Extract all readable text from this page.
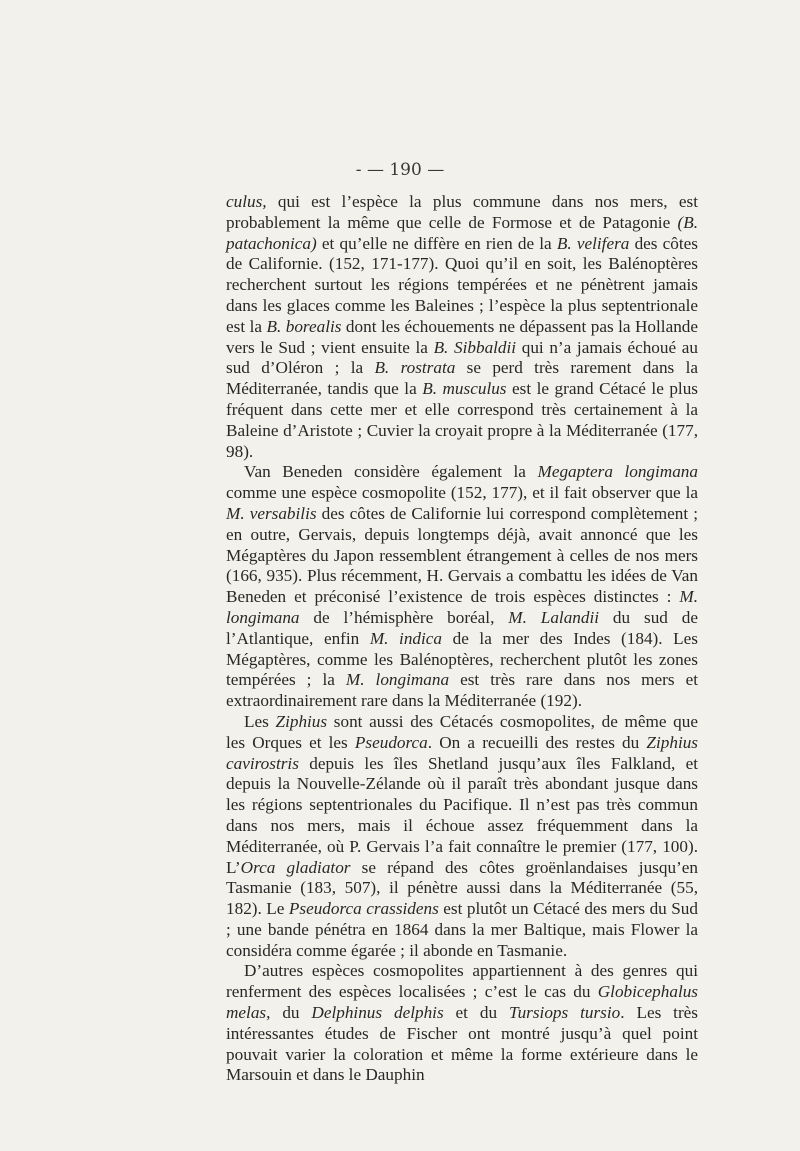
- — 190 —

culus, qui est l’espèce la plus commune dans nos mers, est probablement la même que celle de Formose et de Patagonie (B. patachonica) et qu’elle ne diffère en rien de la B. velifera des côtes de Californie. (152, 171-177). Quoi qu’il en soit, les Balénoptères recherchent surtout les régions tempérées et ne pénètrent jamais dans les glaces comme les Baleines ; l’espèce la plus septentrionale est la B. borealis dont les échouements ne dépassent pas la Hollande vers le Sud ; vient ensuite la B. Sibbaldii qui n’a jamais échoué au sud d’Oléron ; la B. rostrata se perd très rarement dans la Méditerranée, tandis que la B. musculus est le grand Cétacé le plus fréquent dans cette mer et elle correspond très certainement à la Baleine d’Aristote ; Cuvier la croyait propre à la Méditerranée (177, 98).

Van Beneden considère également la Megaptera longimana comme une espèce cosmopolite (152, 177), et il fait observer que la M. versabilis des côtes de Californie lui correspond complètement ; en outre, Gervais, depuis longtemps déjà, avait annoncé que les Mégaptères du Japon ressemblent étrangement à celles de nos mers (166, 935). Plus récemment, H. Gervais a combattu les idées de Van Beneden et préconisé l’existence de trois espèces distinctes : M. longimana de l’hémisphère boréal, M. Lalandii du sud de l’Atlantique, enfin M. indica de la mer des Indes (184). Les Mégaptères, comme les Balénoptères, recherchent plutôt les zones tempérées ; la M. longimana est très rare dans nos mers et extraordinairement rare dans la Méditerranée (192).

Les Ziphius sont aussi des Cétacés cosmopolites, de même que les Orques et les Pseudorca. On a recueilli des restes du Ziphius cavirostris depuis les îles Shetland jusqu’aux îles Falkland, et depuis la Nouvelle-Zélande où il paraît très abondant jusque dans les régions septentrionales du Pacifique. Il n’est pas très commun dans nos mers, mais il échoue assez fréquemment dans la Méditerranée, où P. Gervais l’a fait connaître le premier (177, 100). L’Orca gladiator se répand des côtes groënlandaises jusqu’en Tasmanie (183, 507), il pénètre aussi dans la Méditerranée (55, 182). Le Pseudorca crassidens est plutôt un Cétacé des mers du Sud ; une bande pénétra en 1864 dans la mer Baltique, mais Flower la considéra comme égarée ; il abonde en Tasmanie.

D’autres espèces cosmopolites appartiennent à des genres qui renferment des espèces localisées ; c’est le cas du Globicephalus melas, du Delphinus delphis et du Tursiops tursio. Les très intéressantes études de Fischer ont montré jusqu’à quel point pouvait varier la coloration et même la forme extérieure dans le Marsouin et dans le Dauphin
